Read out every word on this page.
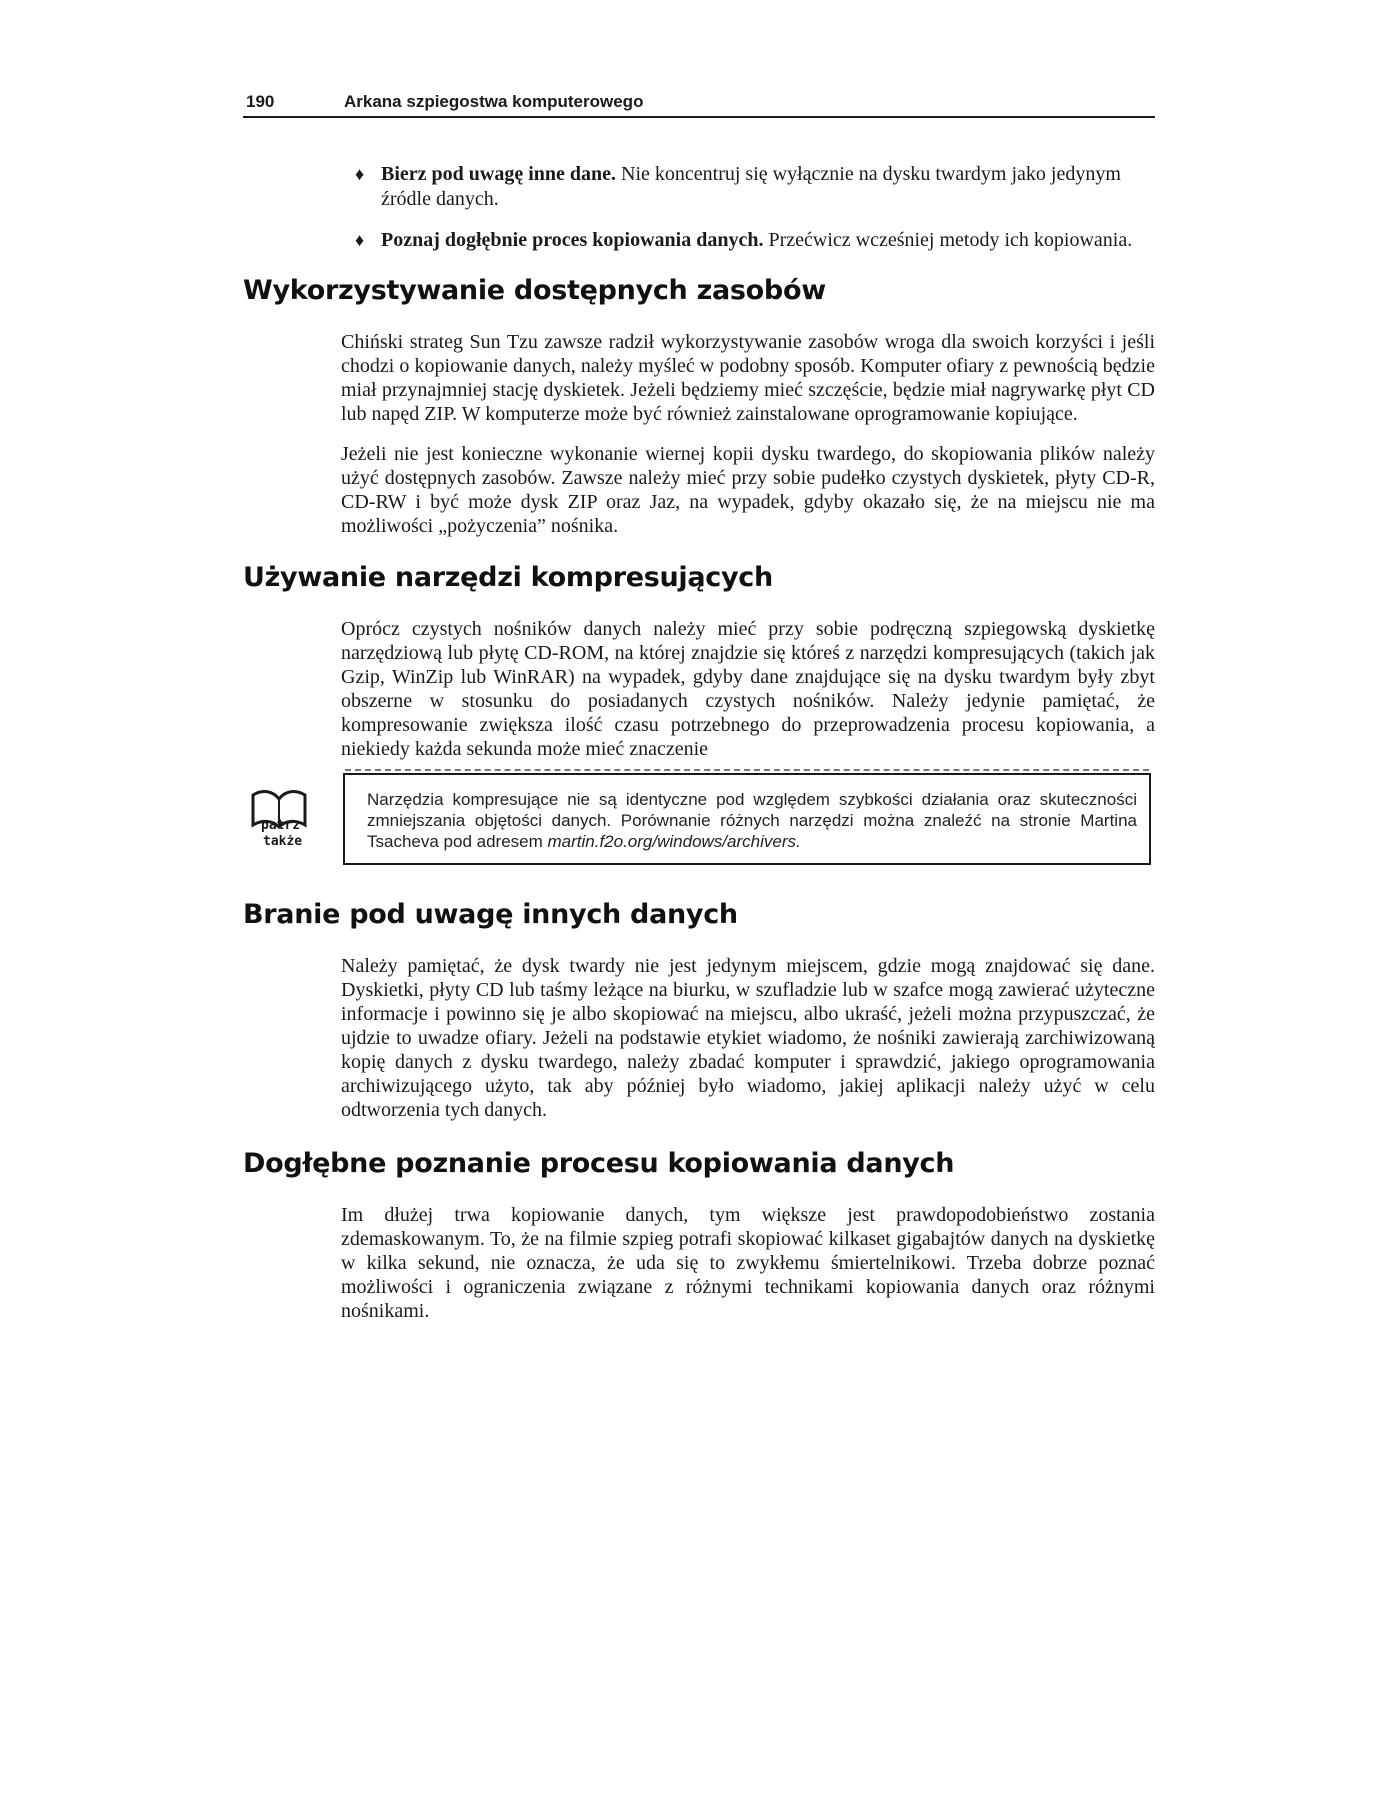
190	Arkana szpiegostwa komputerowego
♦ Bierz pod uwagę inne dane. Nie koncentruj się wyłącznie na dysku twardym jako jedynym źródle danych.
♦ Poznaj dogłębnie proces kopiowania danych. Przećwicz wcześniej metody ich kopiowania.
Wykorzystywanie dostępnych zasobów

Chiński strateg Sun Tzu zawsze radził wykorzystywanie zasobów wroga dla swoich korzyści i jeśli chodzi o kopiowanie danych, należy myśleć w podobny sposób. Komputer ofiary z pewnością będzie miał przynajmniej stację dyskietek. Jeżeli będziemy mieć szczęście, będzie miał nagrywarkę płyt CD lub napęd ZIP. W komputerze może być również zainstalowane oprogramowanie kopiujące.

Jeżeli nie jest konieczne wykonanie wiernej kopii dysku twardego, do skopiowania plików należy użyć dostępnych zasobów. Zawsze należy mieć przy sobie pudełko czystych dyskietek, płyty CD-R, CD-RW i być może dysk ZIP oraz Jaz, na wypadek, gdyby okazało się, że na miejscu nie ma możliwości „pożyczenia” nośnika.

Używanie narzędzi kompresujących

Oprócz czystych nośników danych należy mieć przy sobie podręczną szpiegowską dyskietkę narzędziową lub płytę CD-ROM, na której znajdzie się któreś z narzędzi kompresujących (takich jak Gzip, WinZip lub WinRAR) na wypadek, gdyby dane znajdujące się na dysku twardym były zbyt obszerne w stosunku do posiadanych czystych nośników. Należy jedynie pamiętać, że kompresowanie zwiększa ilość czasu potrzebnego do przeprowadzenia procesu kopiowania, a niekiedy każda sekunda może mieć znaczenie

patrz
także
Narzędzia kompresujące nie są identyczne pod względem szybkości działania oraz skuteczności zmniejszania objętości danych. Porównanie różnych narzędzi można znaleźć na stronie Martina Tsacheva pod adresem martin.f2o.org/windows/archivers.
Branie pod uwagę innych danych

Należy pamiętać, że dysk twardy nie jest jedynym miejscem, gdzie mogą znajdować się dane. Dyskietki, płyty CD lub taśmy leżące na biurku, w szufladzie lub w szafce mogą zawierać użyteczne informacje i powinno się je albo skopiować na miejscu, albo ukraść, jeżeli można przypuszczać, że ujdzie to uwadze ofiary. Jeżeli na podstawie etykiet wiadomo, że nośniki zawierają zarchiwizowaną kopię danych z dysku twardego, należy zbadać komputer i sprawdzić, jakiego oprogramowania archiwizującego użyto, tak aby później było wiadomo, jakiej aplikacji należy użyć w celu odtworzenia tych danych.

Dogłębne poznanie procesu kopiowania danych

Im dłużej trwa kopiowanie danych, tym większe jest prawdopodobieństwo zostania zdemaskowanym. To, że na filmie szpieg potrafi skopiować kilkaset gigabajtów danych na dyskietkę w kilka sekund, nie oznacza, że uda się to zwykłemu śmiertelnikowi. Trzeba dobrze poznać możliwości i ograniczenia związane z różnymi technikami kopiowania danych oraz różnymi nośnikami.
